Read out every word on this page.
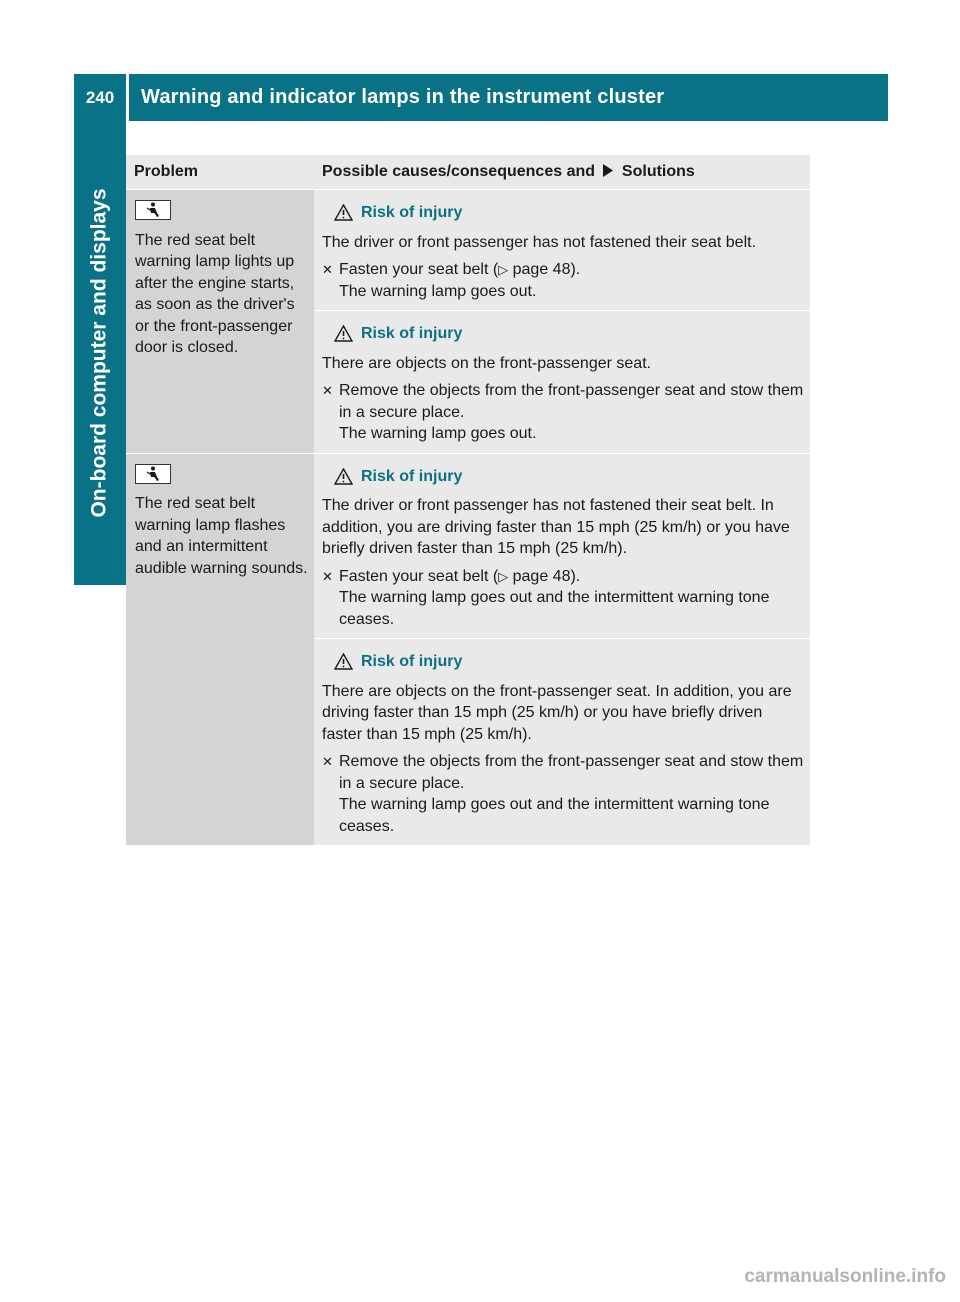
240	Warning and indicator lamps in the instrument cluster
On-board computer and displays
Problem	Possible causes/consequences and Solutions

The red seat belt warning lamp lights up after the engine starts, as soon as the driver's or the front-passenger door is closed.	Risk of injury
The driver or front passenger has not fastened their seat belt.
✕ Fasten your seat belt (▷ page 48).
The warning lamp goes out.

	Risk of injury
There are objects on the front-passenger seat.
✕ Remove the objects from the front-passenger seat and stow them in a secure place.
The warning lamp goes out.

The red seat belt warning lamp flashes and an intermittent audible warning sounds.	Risk of injury
The driver or front passenger has not fastened their seat belt. In addition, you are driving faster than 15 mph (25 km/h) or you have briefly driven faster than 15 mph (25 km/h).
✕ Fasten your seat belt (▷ page 48).
The warning lamp goes out and the intermittent warning tone ceases.

	Risk of injury
There are objects on the front-passenger seat. In addition, you are driving faster than 15 mph (25 km/h) or you have briefly driven faster than 15 mph (25 km/h).
✕ Remove the objects from the front-passenger seat and stow them in a secure place.
The warning lamp goes out and the intermittent warning tone ceases.
carmanualsonline.info
